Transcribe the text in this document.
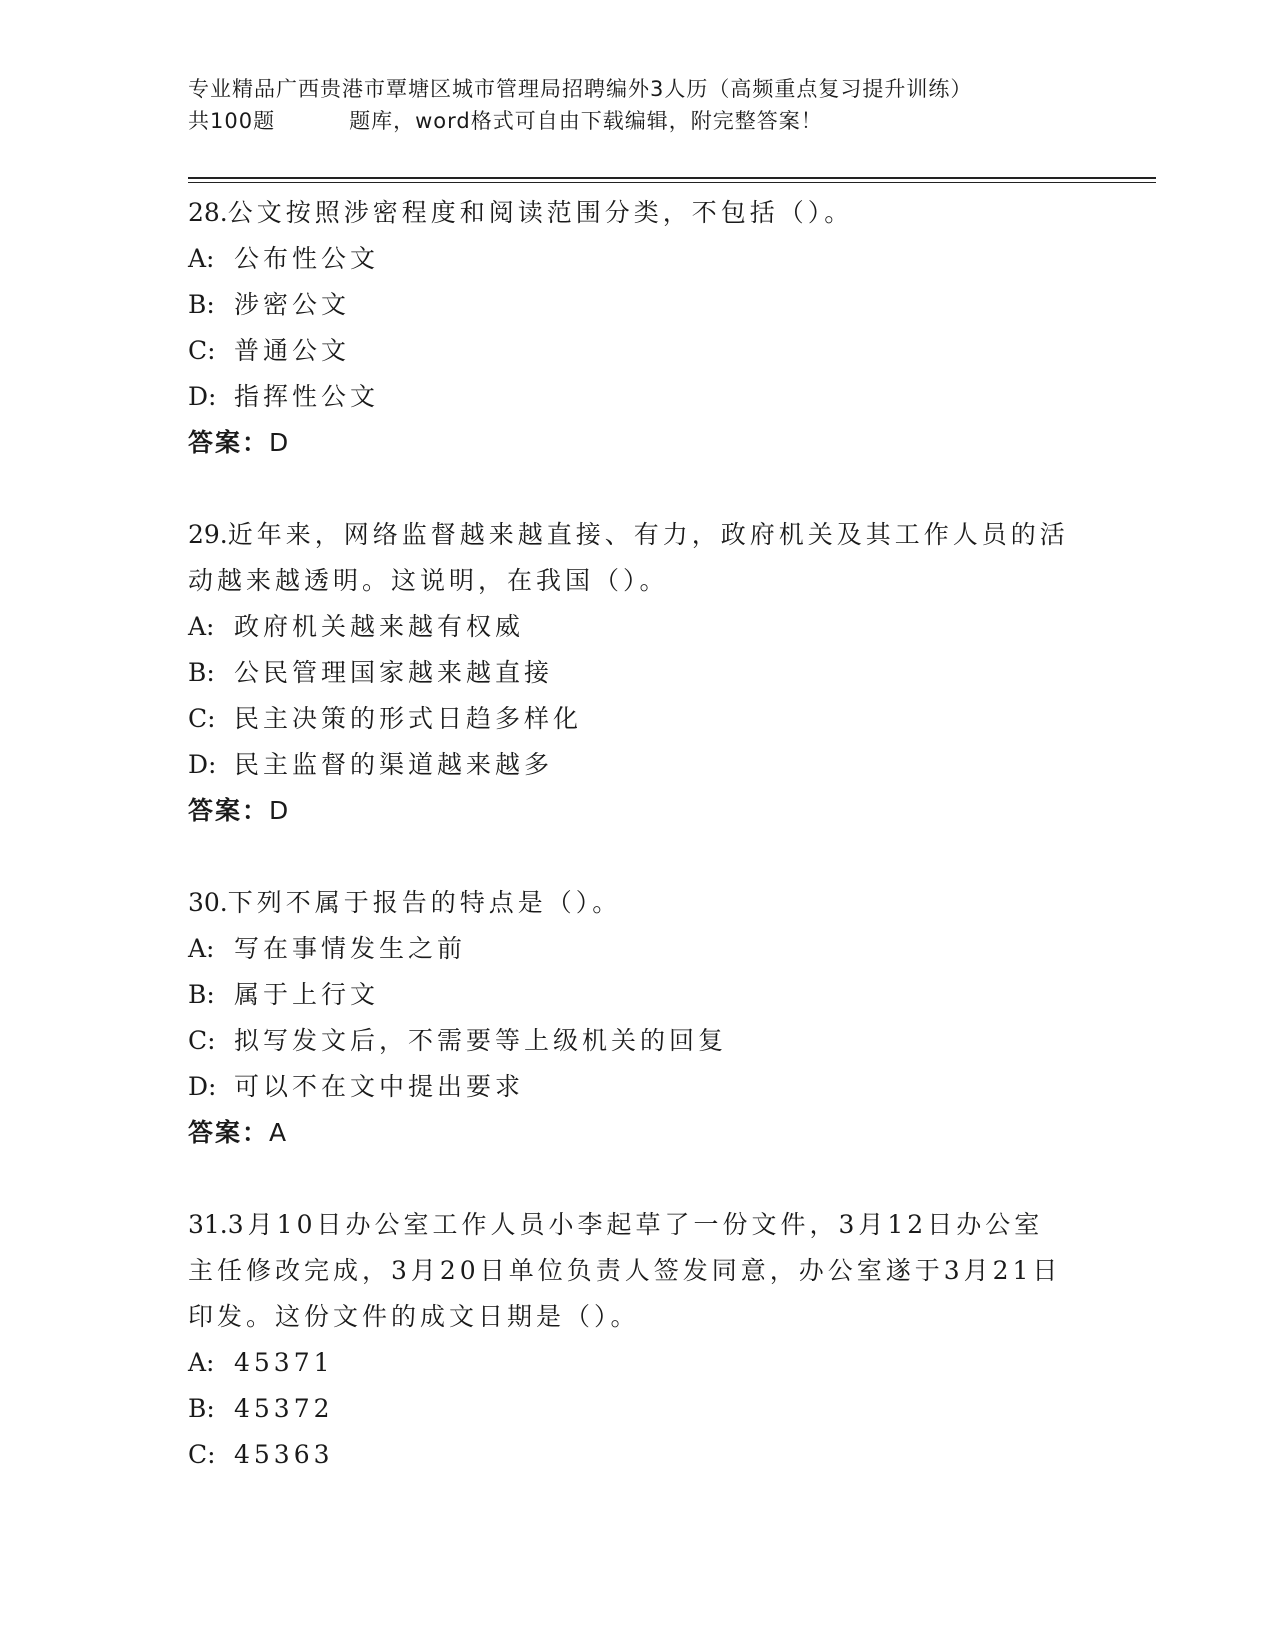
专业精品广西贵港市覃塘区城市管理局招聘编外3人历（高频重点复习提升训练）
共100题	题库，word格式可自由下载编辑，附完整答案！
28.公文按照涉密程度和阅读范围分类，不包括（）。
A: 公布性公文
B: 涉密公文
C: 普通公文
D: 指挥性公文
答案：D
29.近年来，网络监督越来越直接、有力，政府机关及其工作人员的活
动越来越透明。这说明，在我国（）。
A: 政府机关越来越有权威
B: 公民管理国家越来越直接
C: 民主决策的形式日趋多样化
D: 民主监督的渠道越来越多
答案：D
30.下列不属于报告的特点是（）。
A: 写在事情发生之前
B: 属于上行文
C: 拟写发文后，不需要等上级机关的回复
D: 可以不在文中提出要求
答案：A
31.3月10日办公室工作人员小李起草了一份文件，3月12日办公室
主任修改完成，3月20日单位负责人签发同意，办公室遂于3月21日
印发。这份文件的成文日期是（）。
A: 45371
B: 45372
C: 45363
